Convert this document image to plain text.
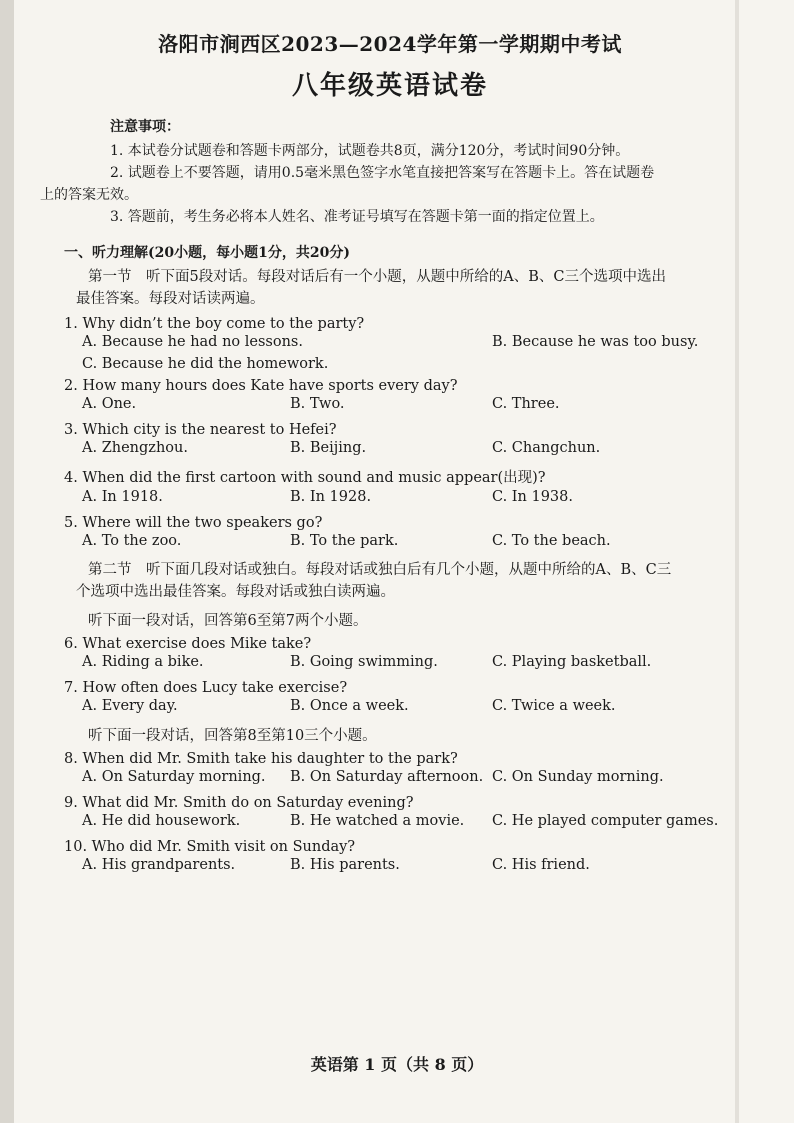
洛阳市涧西区2023—2024学年第一学期期中考试
八年级英语试卷
注意事项：

1. 本试卷分试题卷和答题卡两部分，试题卷共8页，满分120分，考试时间90分钟。

2. 试题卷上不要答题，请用0.5毫米黑色签字水笔直接把答案写在答题卡上。答在试题卷

上的答案无效。

3. 答题前，考生务必将本人姓名、准考证号填写在答题卡第一面的指定位置上。

一、听力理解(20小题，每小题1分，共20分)
第一节　听下面5段对话。每段对话后有一个小题，从题中所给的A、B、C三个选项中选出
最佳答案。每段对话读两遍。
1. Why didn’t the boy come to the party?
A. Because he had no lessons.	B. Because he was too busy.
C. Because he did the homework.
2. How many hours does Kate have sports every day?
A. One.	B. Two.	C. Three.
3. Which city is the nearest to Hefei?
A. Zhengzhou.	B. Beijing.	C. Changchun.
4. When did the first cartoon with sound and music appear(出现)?
A. In 1918.	B. In 1928.	C. In 1938.
5. Where will the two speakers go?
A. To the zoo.	B. To the park.	C. To the beach.
第二节　听下面几段对话或独白。每段对话或独白后有几个小题，从题中所给的A、B、C三
个选项中选出最佳答案。每段对话或独白读两遍。
听下面一段对话，回答第6至第7两个小题。
6. What exercise does Mike take?
A. Riding a bike.	B. Going swimming.	C. Playing basketball.
7. How often does Lucy take exercise?
A. Every day.	B. Once a week.	C. Twice a week.
听下面一段对话，回答第8至第10三个小题。
8. When did Mr. Smith take his daughter to the park?
A. On Saturday morning. B. On Saturday afternoon. C. On Sunday morning.
9. What did Mr. Smith do on Saturday evening?
A. He did housework.	B. He watched a movie. C. He played computer games.
10. Who did Mr. Smith visit on Sunday?
A. His grandparents.	B. His parents.	C. His friend.
英语第 1 页（共 8 页）
